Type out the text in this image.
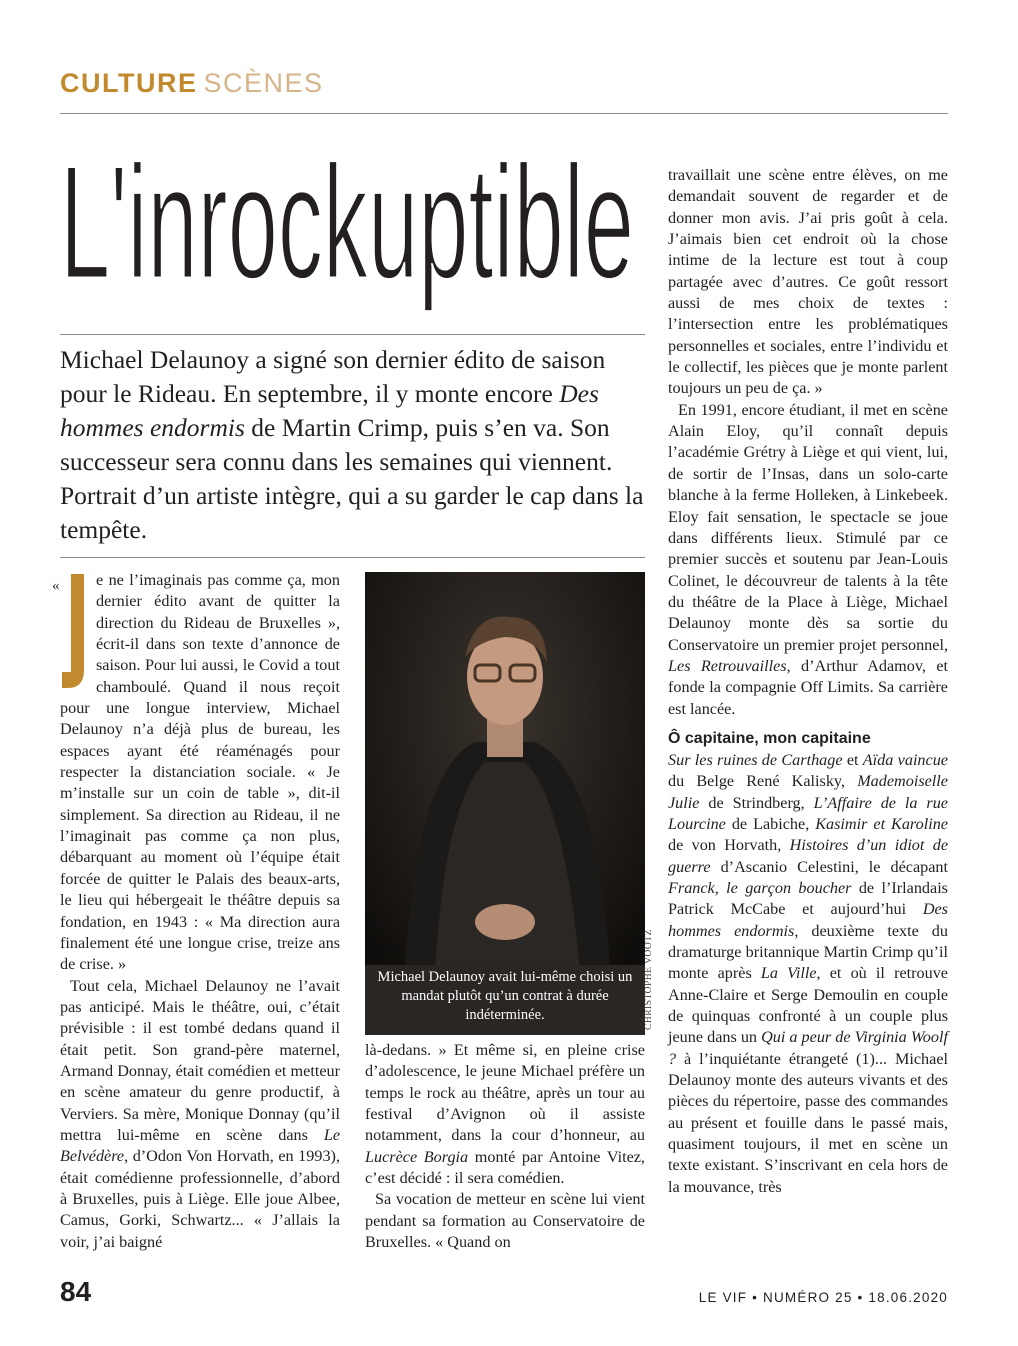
CULTURE SCÈNES
L'inrockuptible
Michael Delaunoy a signé son dernier édito de saison pour le Rideau. En septembre, il y monte encore Des hommes endormis de Martin Crimp, puis s’en va. Son successeur sera connu dans les semaines qui viennent. Portrait d’un artiste intègre, qui a su garder le cap dans la tempête.
«	e ne l’imaginais pas comme ça, mon dernier édito avant de quitter la direction du Rideau de Bruxelles », écrit-il dans son texte d’annonce de saison. Pour lui aussi, le Covid a tout chamboulé. Quand il nous reçoit pour une longue interview, Michael Delaunoy n’a déjà plus de bureau, les espaces ayant été réaménagés pour respecter la distanciation sociale. « Je m’installe sur un coin de table », dit-il simplement. Sa direction au Rideau, il ne l’imaginait pas comme ça non plus, débarquant au moment où l’équipe était forcée de quitter le Palais des beaux-arts, le lieu qui hébergeait le théâtre depuis sa fondation, en 1943 : « Ma direction aura finalement été une longue crise, treize ans de crise. »

Tout cela, Michael Delaunoy ne l’avait pas anticipé. Mais le théâtre, oui, c’était prévisible : il est tombé dedans quand il était petit. Son grand-père maternel, Armand Donnay, était comédien et metteur en scène amateur du genre productif, à Verviers. Sa mère, Monique Donnay (qu’il mettra lui-même en scène dans Le Belvédère, d’Odon Von Horvath, en 1993), était comédienne professionnelle, d’abord à Bruxelles, puis à Liège. Elle joue Albee, Camus, Gorki, Schwartz... « J’allais la voir, j’ai baigné

Michael Delaunoy avait lui-même choisi un mandat plutôt qu’un contrat à durée indéterminée.	CHRISTOPHE VOOTZ

là-dedans. » Et même si, en pleine crise d’adolescence, le jeune Michael préfère un temps le rock au théâtre, après un tour au festival d’Avignon où il assiste notamment, dans la cour d’honneur, au Lucrèce Borgia monté par Antoine Vitez, c’est décidé : il sera comédien.

Sa vocation de metteur en scène lui vient pendant sa formation au Conservatoire de Bruxelles. « Quand on

travaillait une scène entre élèves, on me demandait souvent de regarder et de donner mon avis. J’ai pris goût à cela. J’aimais bien cet endroit où la chose intime de la lecture est tout à coup partagée avec d’autres. Ce goût ressort aussi de mes choix de textes : l’intersection entre les problématiques personnelles et sociales, entre l’individu et le collectif, les pièces que je monte parlent toujours un peu de ça. »

En 1991, encore étudiant, il met en scène Alain Eloy, qu’il connaît depuis l’académie Grétry à Liège et qui vient, lui, de sortir de l’Insas, dans un solo-carte blanche à la ferme Holleken, à Linkebeek. Eloy fait sensation, le spectacle se joue dans différents lieux. Stimulé par ce premier succès et soutenu par Jean-Louis Colinet, le découvreur de talents à la tête du théâtre de la Place à Liège, Michael Delaunoy monte dès sa sortie du Conservatoire un premier projet personnel, Les Retrouvailles, d’Arthur Adamov, et fonde la compagnie Off Limits. Sa carrière est lancée.

Ô capitaine, mon capitaine

Sur les ruines de Carthage et Aïda vaincue du Belge René Kalisky, Mademoiselle Julie de Strindberg, L’Affaire de la rue Lourcine de Labiche, Kasimir et Karoline de von Horvath, Histoires d’un idiot de guerre d’Ascanio Celestini, le décapant Franck, le garçon boucher de l’Irlandais Patrick McCabe et aujourd’hui Des hommes endormis, deuxième texte du dramaturge britannique Martin Crimp qu’il monte après La Ville, et où il retrouve Anne-Claire et Serge Demoulin en couple de quinquas confronté à un couple plus jeune dans un Qui a peur de Virginia Woolf ? à l’inquiétante étrangeté (1)... Michael Delaunoy monte des auteurs vivants et des pièces du répertoire, passe des commandes au présent et fouille dans le passé mais, quasiment toujours, il met en scène un texte existant. S’inscrivant en cela hors de la mouvance, très

84	LE VIF • NUMÉRO 25 • 18.06.2020
